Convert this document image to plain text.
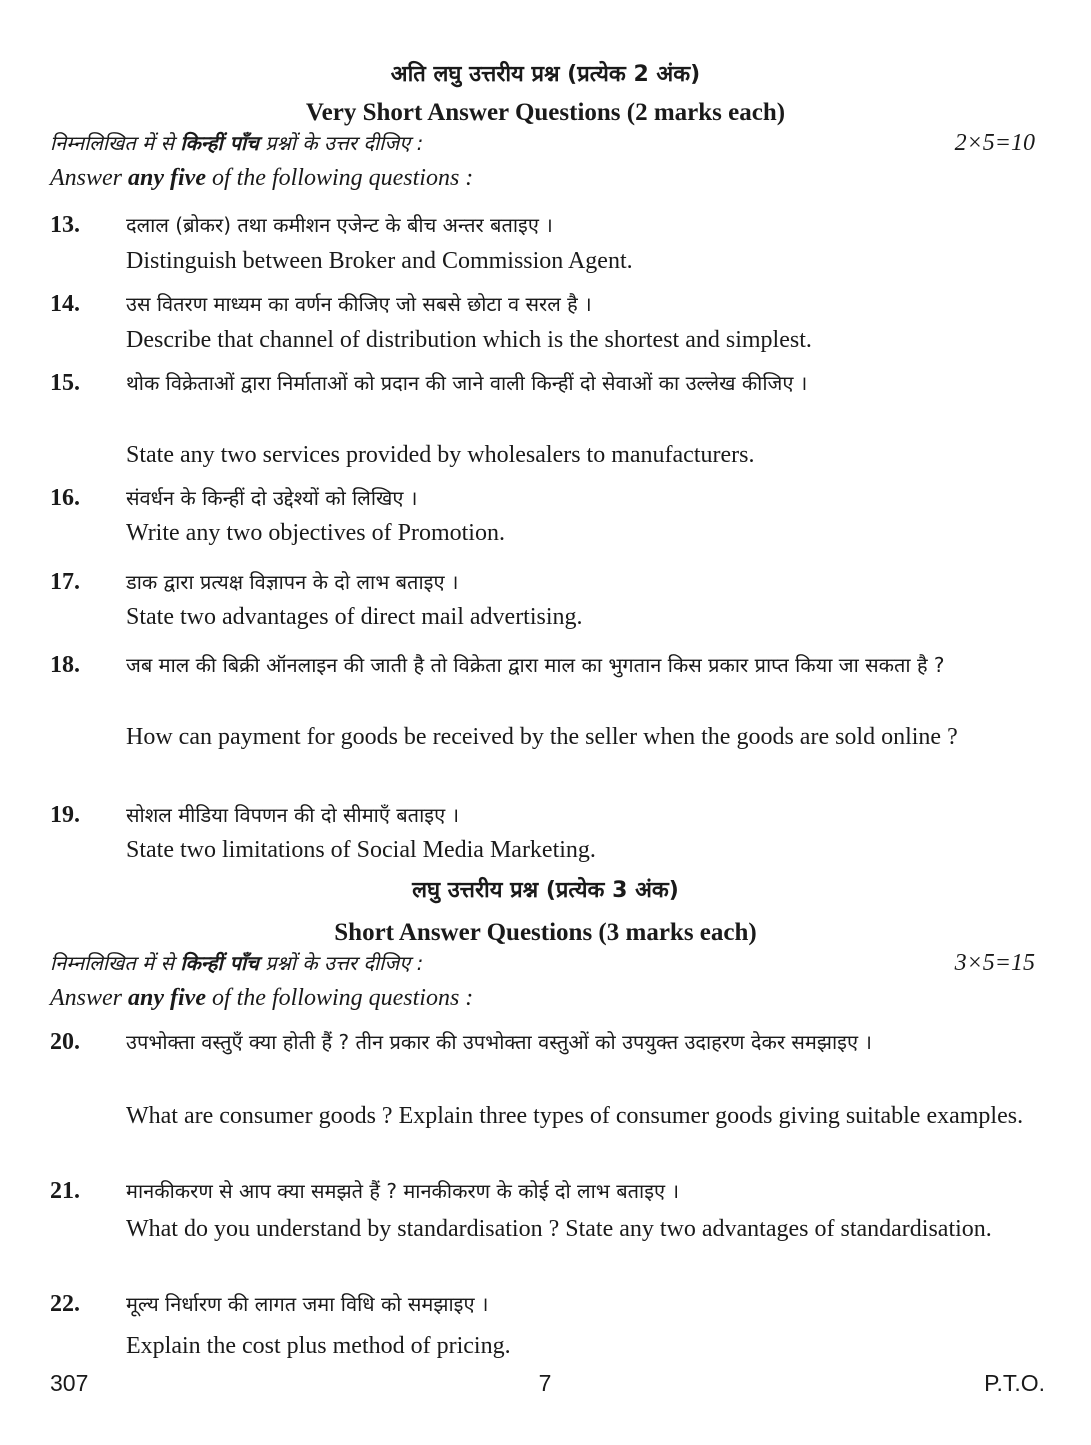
अति लघु उत्तरीय प्रश्न (प्रत्येक 2 अंक)
Very Short Answer Questions (2 marks each)
निम्नलिखित में से किन्हीं पाँच प्रश्नों के उत्तर दीजिए :	2×5=10
Answer any five of the following questions :
13. दलाल (ब्रोकर) तथा कमीशन एजेन्ट के बीच अन्तर बताइए ।
Distinguish between Broker and Commission Agent.
14. उस वितरण माध्यम का वर्णन कीजिए जो सबसे छोटा व सरल है ।
Describe that channel of distribution which is the shortest and simplest.
15. थोक विक्रेताओं द्वारा निर्माताओं को प्रदान की जाने वाली किन्हीं दो सेवाओं का उल्लेख कीजिए ।
State any two services provided by wholesalers to manufacturers.
16. संवर्धन के किन्हीं दो उद्देश्यों को लिखिए ।
Write any two objectives of Promotion.
17. डाक द्वारा प्रत्यक्ष विज्ञापन के दो लाभ बताइए ।
State two advantages of direct mail advertising.
18. जब माल की बिक्री ऑनलाइन की जाती है तो विक्रेता द्वारा माल का भुगतान किस प्रकार प्राप्त किया जा सकता है ?
How can payment for goods be received by the seller when the goods are sold online ?
19. सोशल मीडिया विपणन की दो सीमाएँ बताइए ।
State two limitations of Social Media Marketing.
लघु उत्तरीय प्रश्न (प्रत्येक 3 अंक)
Short Answer Questions (3 marks each)
निम्नलिखित में से किन्हीं पाँच प्रश्नों के उत्तर दीजिए :	3×5=15
Answer any five of the following questions :
20. उपभोक्ता वस्तुएँ क्या होती हैं ? तीन प्रकार की उपभोक्ता वस्तुओं को उपयुक्त उदाहरण देकर समझाइए ।
What are consumer goods ? Explain three types of consumer goods giving suitable examples.
21. मानकीकरण से आप क्या समझते हैं ? मानकीकरण के कोई दो लाभ बताइए ।
What do you understand by standardisation ? State any two advantages of standardisation.
22. मूल्य निर्धारण की लागत जमा विधि को समझाइए ।
Explain the cost plus method of pricing.
307	7	P.T.O.
